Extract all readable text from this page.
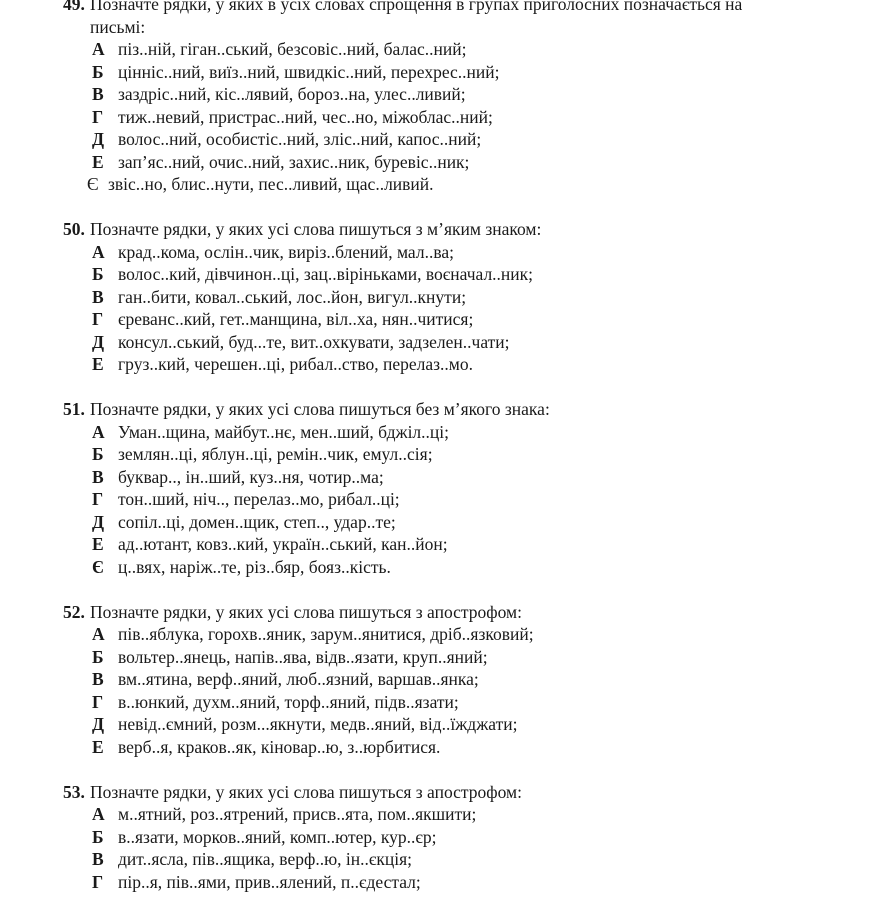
49. Позначте рядки, у яких в усіх словах спрощення в групах приголосних позначається на письмі:
А піз..ній, гіган..ський, безсовіс..ний, балас..ний;
Б цінніс..ний, виїз..ний, швидкіс..ний, перехрес..ний;
В заздріс..ний, кіс..лявий, бороз..на, улес..ливий;
Г тиж..невий, пристрас..ний, чес..но, міжоблас..ний;
Д волос..ний, особистіс..ний, зліс..ний, капос..ний;
Е зап’яс..ний, очис..ний, захис..ник, буревіс..ник;
Є звіс..но, блис..нути, пес..ливий, щас..ливий.
50. Позначте рядки, у яких усі слова пишуться з м’яким знаком:
А крад..кома, ослін..чик, виріз..блений, мал..ва;
Б волос..кий, дівчинон..ці, зац..віріньками, воєначал..ник;
В ган..бити, ковал..ський, лос..йон, вигул..кнути;
Г єреванс..кий, гет..манщина, віл..ха, нян..читися;
Д консул..ський, буд...те, вит..охкувати, задзелен..чати;
Е груз..кий, черешен..ці, рибал..ство, перелаз..мо.
51. Позначте рядки, у яких усі слова пишуться без м’якого знака:
А Уман..щина, майбут..нє, мен..ший, бджіл..ці;
Б землян..ці, яблун..ці, ремін..чик, емул..сія;
В буквар.., ін..ший, куз..ня, чотир..ма;
Г тон..ший, ніч.., перелаз..мо, рибал..ці;
Д сопіл..ці, домен..щик, степ.., удар..те;
Е ад..ютант, ковз..кий, україн..ський, кан..йон;
Є ц..вях, наріж..те, різ..бяр, бояз..кість.
52. Позначте рядки, у яких усі слова пишуться з апострофом:
А пів..яблука, горохв..яник, зарум..янитися, дріб..язковий;
Б вольтер..янець, напів..ява, відв..язати, круп..яний;
В вм..ятина, верф..яний, люб..язний, варшав..янка;
Г в..юнкий, духм..яний, торф..яний, підв..язати;
Д невід..ємний, розм...якнути, медв..яний, від..їжджати;
Е верб..я, краков..як, кіновар..ю, з..юрбитися.
53. Позначте рядки, у яких усі слова пишуться з апострофом:
А м..ятний, роз..ятрений, присв..ята, пом..якшити;
Б в..язати, морков..яний, комп..ютер, кур..єр;
В дит..ясла, пів..ящика, верф..ю, ін..єкція;
Г пір..я, пів..ями, прив..ялений, п..єдестал;
